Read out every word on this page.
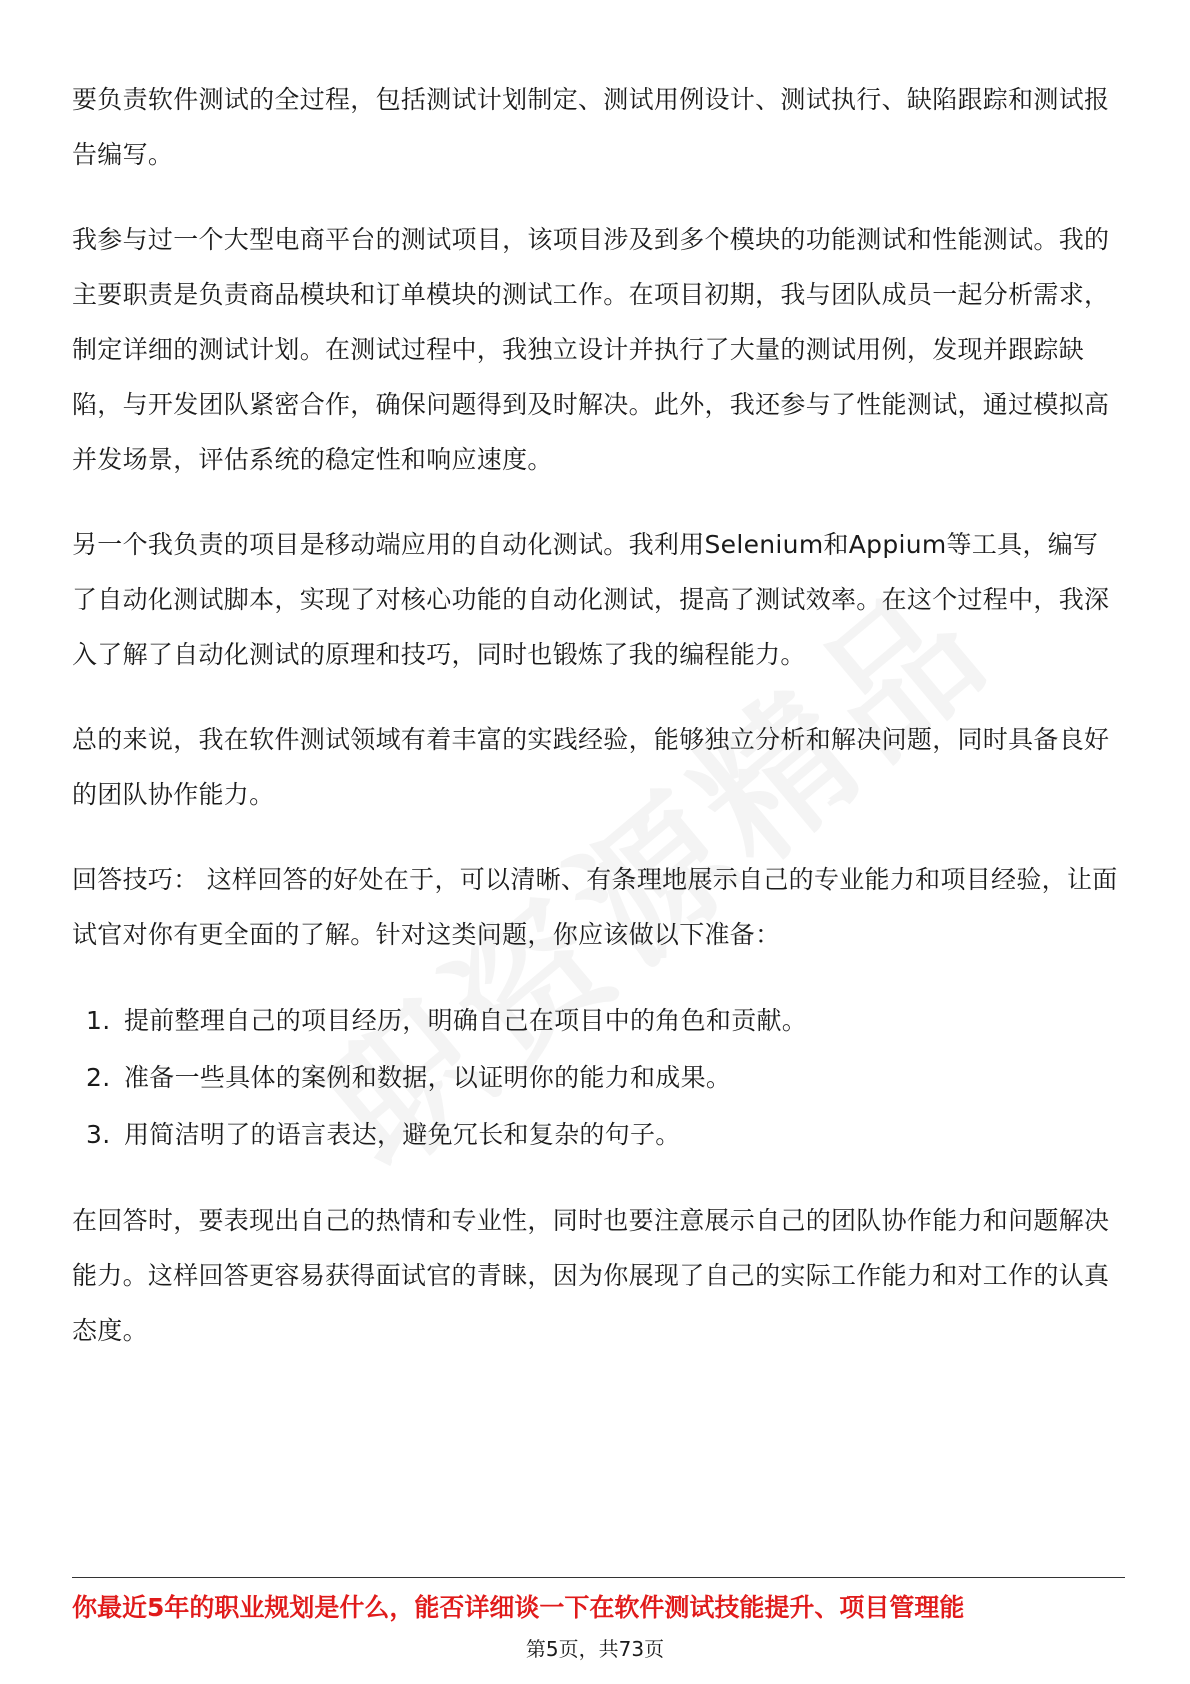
要负责软件测试的全过程，包括测试计划制定、测试用例设计、测试执行、缺陷跟踪和测试报告编写。

我参与过一个大型电商平台的测试项目，该项目涉及到多个模块的功能测试和性能测试。我的主要职责是负责商品模块和订单模块的测试工作。在项目初期，我与团队成员一起分析需求，制定详细的测试计划。在测试过程中，我独立设计并执行了大量的测试用例，发现并跟踪缺陷，与开发团队紧密合作，确保问题得到及时解决。此外，我还参与了性能测试，通过模拟高并发场景，评估系统的稳定性和响应速度。

另一个我负责的项目是移动端应用的自动化测试。我利用Selenium和Appium等工具，编写了自动化测试脚本，实现了对核心功能的自动化测试，提高了测试效率。在这个过程中，我深入了解了自动化测试的原理和技巧，同时也锻炼了我的编程能力。

总的来说，我在软件测试领域有着丰富的实践经验，能够独立分析和解决问题，同时具备良好的团队协作能力。

回答技巧： 这样回答的好处在于，可以清晰、有条理地展示自己的专业能力和项目经验，让面试官对你有更全面的了解。针对这类问题，你应该做以下准备：

1. 提前整理自己的项目经历，明确自己在项目中的角色和贡献。
2. 准备一些具体的案例和数据，以证明你的能力和成果。
3. 用简洁明了的语言表达，避免冗长和复杂的句子。

在回答时，要表现出自己的热情和专业性，同时也要注意展示自己的团队协作能力和问题解决能力。这样回答更容易获得面试官的青睐，因为你展现了自己的实际工作能力和对工作的认真态度。

你最近5年的职业规划是什么，能否详细谈一下在软件测试技能提升、项目管理能
第5页，共73页
